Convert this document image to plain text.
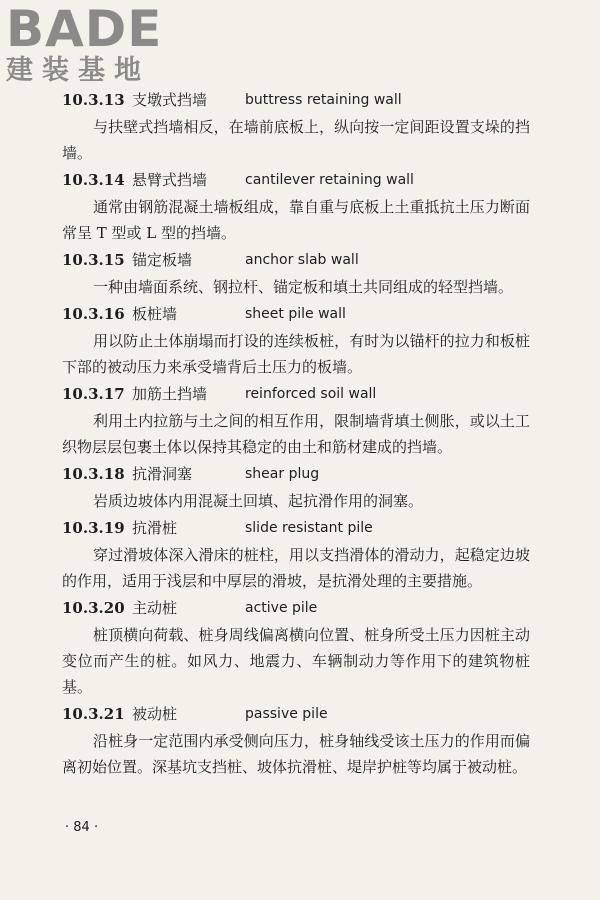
BADE
建装基地
10.3.13 支墩式挡墙	buttress retaining wall

与扶壁式挡墙相反，在墙前底板上，纵向按一定间距设置支垛的挡墙。

10.3.14 悬臂式挡墙	cantilever retaining wall

通常由钢筋混凝土墙板组成，靠自重与底板上土重抵抗土压力断面常呈 T 型或 L 型的挡墙。

10.3.15 锚定板墙	anchor slab wall

一种由墙面系统、钢拉杆、锚定板和填土共同组成的轻型挡墙。

10.3.16 板桩墙	sheet pile wall

用以防止土体崩塌而打设的连续板桩，有时为以锚杆的拉力和板桩下部的被动压力来承受墙背后土压力的板墙。

10.3.17 加筋土挡墙	reinforced soil wall

利用土内拉筋与土之间的相互作用，限制墙背填土侧胀，或以土工织物层层包裹土体以保持其稳定的由土和筋材建成的挡墙。

10.3.18 抗滑洞塞	shear plug

岩质边坡体内用混凝土回填、起抗滑作用的洞塞。

10.3.19 抗滑桩	slide resistant pile

穿过滑坡体深入滑床的桩柱，用以支挡滑体的滑动力，起稳定边坡的作用，适用于浅层和中厚层的滑坡，是抗滑处理的主要措施。

10.3.20 主动桩	active pile

桩顶横向荷载、桩身周线偏离横向位置、桩身所受土压力因桩主动变位而产生的桩。如风力、地震力、车辆制动力等作用下的建筑物桩基。

10.3.21 被动桩	passive pile

沿桩身一定范围内承受侧向压力，桩身轴线受该土压力的作用而偏离初始位置。深基坑支挡桩、坡体抗滑桩、堤岸护桩等均属于被动桩。

· 84 ·
